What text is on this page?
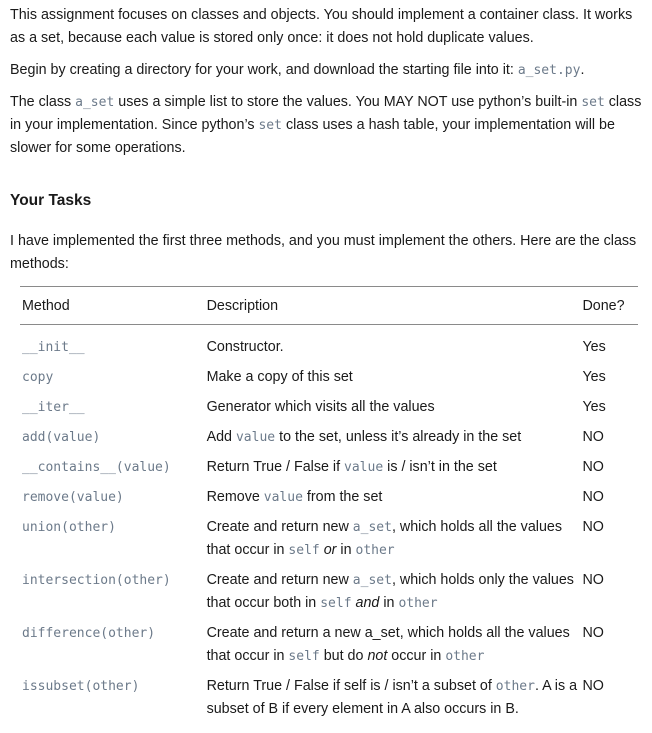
This assignment focuses on classes and objects. You should implement a container class. It works as a set, because each value is stored only once: it does not hold duplicate values.

Begin by creating a directory for your work, and download the starting file into it: a_set.py.

The class a_set uses a simple list to store the values. You MAY NOT use python’s built-in set class in your implementation. Since python’s set class uses a hash table, your implementation will be slower for some operations.

Your Tasks

I have implemented the first three methods, and you must implement the others. Here are the class methods:

Method	Description	Done?

__init__	Constructor.	Yes
copy	Make a copy of this set	Yes
__iter__	Generator which visits all the values	Yes
add(value)	Add value to the set, unless it’s already in the set	NO
__contains__(value)	Return True / False if value is / isn’t in the set	NO
remove(value)	Remove value from the set	NO
union(other)	Create and return new a_set, which holds all the values that occur in self or in other	NO
intersection(other)	Create and return new a_set, which holds only the values that occur both in self and in other	NO
difference(other)	Create and return a new a_set, which holds all the values that occur in self but do not occur in other	NO
issubset(other)	Return True / False if self is / isn’t a subset of other. A is a subset of B if every element in A also occurs in B.	NO
